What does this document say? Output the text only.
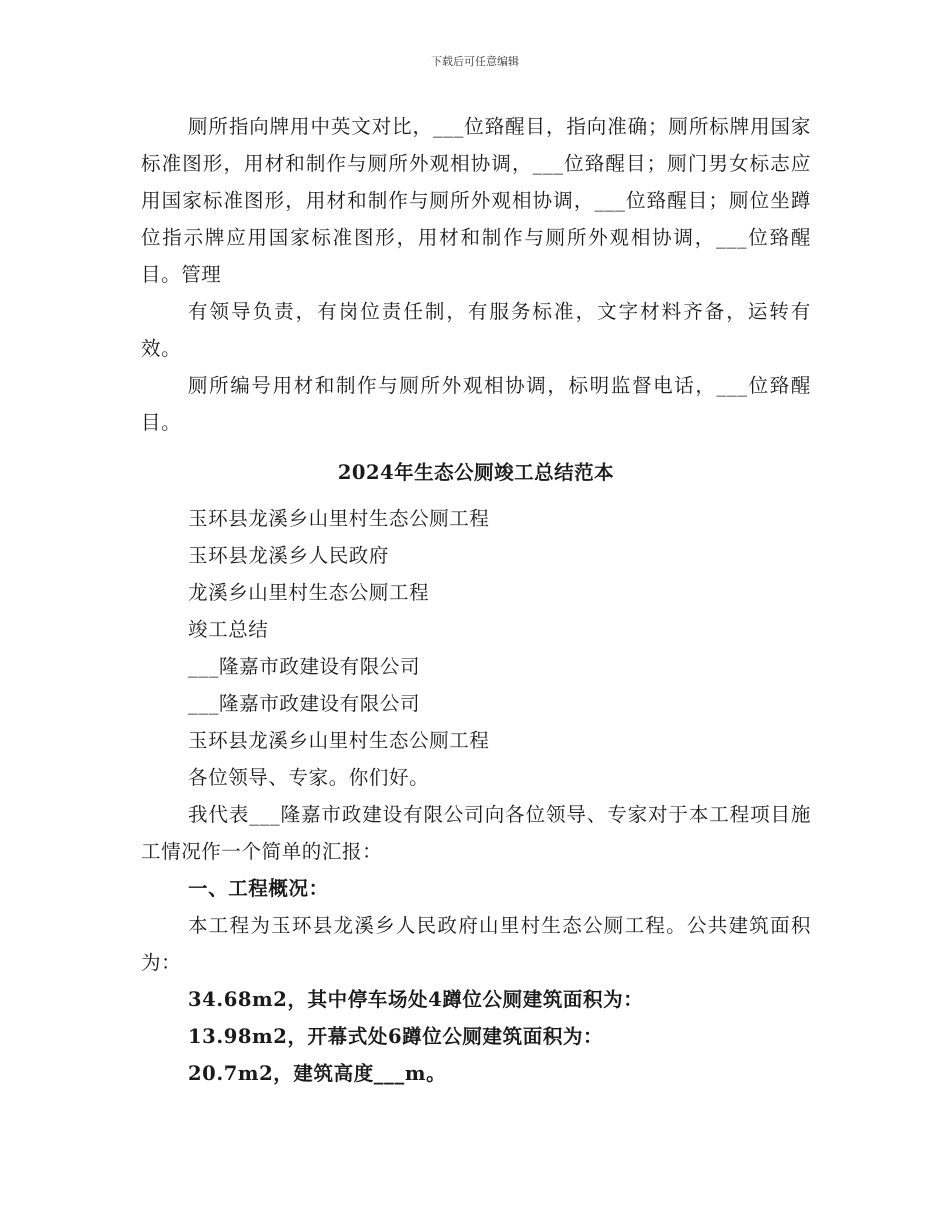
下载后可任意编辑

厕所指向牌用中英文对比，___位臵醒目，指向准确；厕所标牌用国家标准图形，用材和制作与厕所外观相协调，___位臵醒目；厕门男女标志应用国家标准图形，用材和制作与厕所外观相协调，___位臵醒目；厕位坐蹲位指示牌应用国家标准图形，用材和制作与厕所外观相协调，___位臵醒目。管理

有领导负责，有岗位责任制，有服务标准，文字材料齐备，运转有效。

厕所编号用材和制作与厕所外观相协调，标明监督电话，___位臵醒目。

2024年生态公厕竣工总结范本

玉环县龙溪乡山里村生态公厕工程

玉环县龙溪乡人民政府

龙溪乡山里村生态公厕工程

竣工总结

___隆嘉市政建设有限公司

___隆嘉市政建设有限公司

玉环县龙溪乡山里村生态公厕工程

各位领导、专家。你们好。

我代表___隆嘉市政建设有限公司向各位领导、专家对于本工程项目施工情况作一个简单的汇报：

一、工程概况：

本工程为玉环县龙溪乡人民政府山里村生态公厕工程。公共建筑面积为：

34.68m2，其中停车场处4蹲位公厕建筑面积为：

13.98m2，开幕式处6蹲位公厕建筑面积为：

20.7m2，建筑高度___m。
